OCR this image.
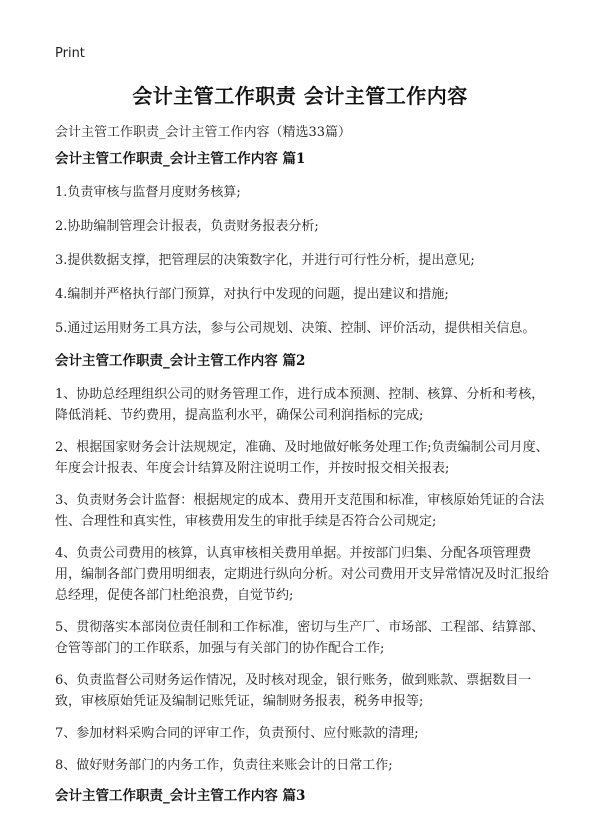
Print
会计主管工作职责 会计主管工作内容
会计主管工作职责_会计主管工作内容（精选33篇）
会计主管工作职责_会计主管工作内容 篇1

1.负责审核与监督月度财务核算;

2.协助编制管理会计报表，负责财务报表分析;

3.提供数据支撑，把管理层的决策数字化，并进行可行性分析，提出意见;

4.编制并严格执行部门预算，对执行中发现的问题，提出建议和措施;

5.通过运用财务工具方法，参与公司规划、决策、控制、评价活动，提供相关信息。

会计主管工作职责_会计主管工作内容 篇2

1、协助总经理组织公司的财务管理工作，进行成本预测、控制、核算、分析和考核，降低消耗、节约费用，提高监利水平，确保公司利润指标的完成;

2、根据国家财务会计法规规定，准确、及时地做好帐务处理工作;负责编制公司月度、年度会计报表、年度会计结算及附注说明工作，并按时报交相关报表;

3、负责财务会计监督：根据规定的成本、费用开支范围和标准，审核原始凭证的合法性、合理性和真实性，审核费用发生的审批手续是否符合公司规定;

4、负责公司费用的核算，认真审核相关费用单据。并按部门归集、分配各项管理费用，编制各部门费用明细表，定期进行纵向分析。对公司费用开支异常情况及时汇报给总经理，促使各部门杜绝浪费，自觉节约;

5、贯彻落实本部岗位责任制和工作标准，密切与生产厂、市场部、工程部、结算部、仓管等部门的工作联系，加强与有关部门的协作配合工作;

6、负责监督公司财务运作情况，及时核对现金，银行账务，做到账款、票据数目一致，审核原始凭证及编制记账凭证，编制财务报表，税务申报等;

7、参加材料采购合同的评审工作，负责预付、应付账款的清理;

8、做好财务部门的内务工作，负责往来账会计的日常工作;

会计主管工作职责_会计主管工作内容 篇3
